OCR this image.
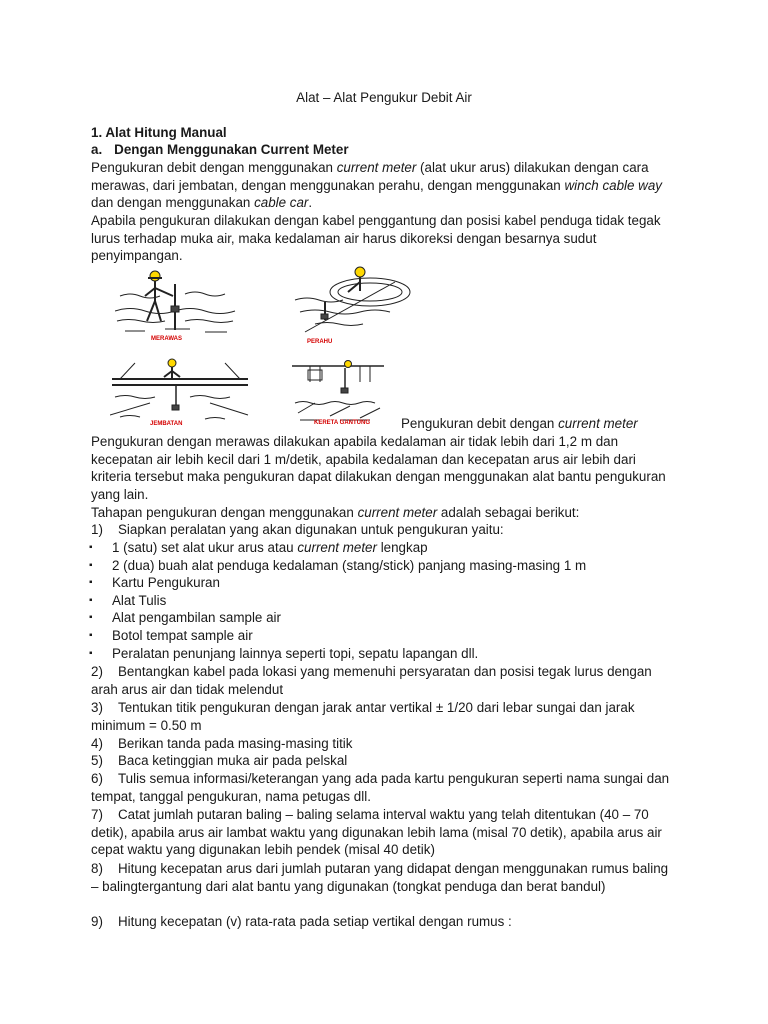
Alat – Alat Pengukur Debit Air

1. Alat Hitung Manual

a. Dengan Menggunakan Current Meter

Pengukuran debit dengan menggunakan current meter (alat ukur arus) dilakukan dengan cara merawas, dari jembatan, dengan menggunakan perahu, dengan menggunakan winch cable way dan dengan menggunakan cable car.

Apabila pengukuran dilakukan dengan kabel penggantung dan posisi kabel penduga tidak tegak lurus terhadap muka air, maka kedalaman air harus dikoreksi dengan besarnya sudut penyimpangan.

MERAWAS	PERAHU
JEMBATAN	KERETA GANTUNG Pengukuran debit dengan current meter

Pengukuran dengan merawas dilakukan apabila kedalaman air tidak lebih dari 1,2 m dan kecepatan air lebih kecil dari 1 m/detik, apabila kedalaman dan kecepatan arus air lebih dari kriteria tersebut maka pengukuran dapat dilakukan dengan menggunakan alat bantu pengukuran yang lain.

Tahapan pengukuran dengan menggunakan current meter adalah sebagai berikut:

1) Siapkan peralatan yang akan digunakan untuk pengukuran yaitu:

▪ 1 (satu) set alat ukur arus atau current meter lengkap
▪ 2 (dua) buah alat penduga kedalaman (stang/stick) panjang masing-masing 1 m
▪ Kartu Pengukuran
▪ Alat Tulis
▪ Alat pengambilan sample air
▪ Botol tempat sample air
▪ Peralatan penunjang lainnya seperti topi, sepatu lapangan dll.

2) Bentangkan kabel pada lokasi yang memenuhi persyaratan dan posisi tegak lurus dengan arah arus air dan tidak melendut

3) Tentukan titik pengukuran dengan jarak antar vertikal ± 1/20 dari lebar sungai dan jarak minimum = 0.50 m

4) Berikan tanda pada masing-masing titik

5) Baca ketinggian muka air pada pelskal

6) Tulis semua informasi/keterangan yang ada pada kartu pengukuran seperti nama sungai dan tempat, tanggal pengukuran, nama petugas dll.

7) Catat jumlah putaran baling – baling selama interval waktu yang telah ditentukan (40 – 70 detik), apabila arus air lambat waktu yang digunakan lebih lama (misal 70 detik), apabila arus air cepat waktu yang digunakan lebih pendek (misal 40 detik)

8) Hitung kecepatan arus dari jumlah putaran yang didapat dengan menggunakan rumus baling – balingtergantung dari alat bantu yang digunakan (tongkat penduga dan berat bandul)

9) Hitung kecepatan (v) rata-rata pada setiap vertikal dengan rumus :
